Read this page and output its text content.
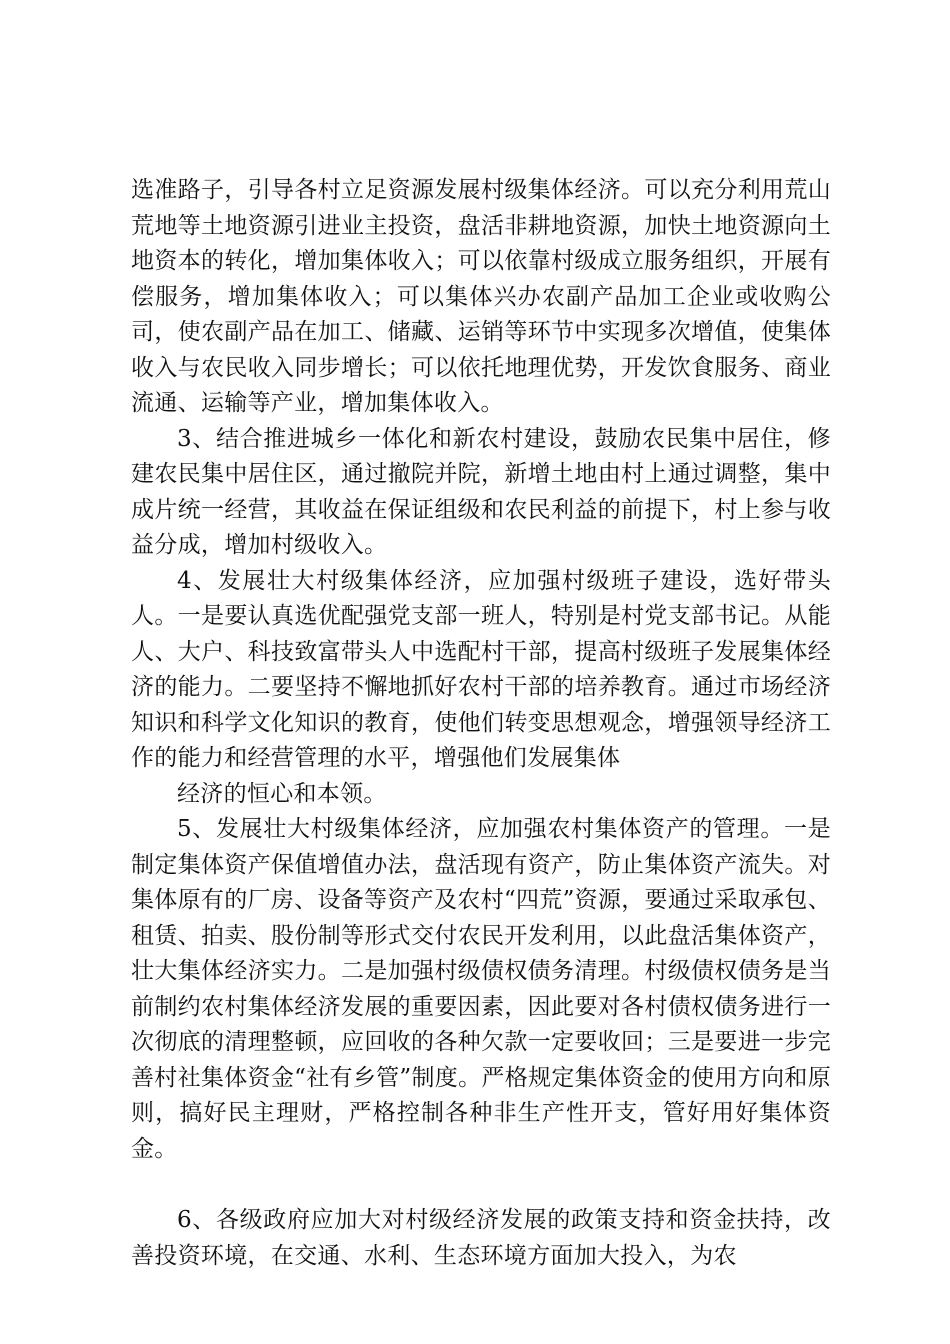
选准路子，引导各村立足资源发展村级集体经济。可以充分利用荒山荒地等土地资源引进业主投资，盘活非耕地资源，加快土地资源向土地资本的转化，增加集体收入；可以依靠村级成立服务组织，开展有偿服务，增加集体收入；可以集体兴办农副产品加工企业或收购公司，使农副产品在加工、储藏、运销等环节中实现多次增值，使集体收入与农民收入同步增长；可以依托地理优势，开发饮食服务、商业流通、运输等产业，增加集体收入。

3、结合推进城乡一体化和新农村建设，鼓励农民集中居住，修建农民集中居住区，通过撤院并院，新增土地由村上通过调整，集中成片统一经营，其收益在保证组级和农民利益的前提下，村上参与收益分成，增加村级收入。

4、发展壮大村级集体经济，应加强村级班子建设，选好带头人。一是要认真选优配强党支部一班人，特别是村党支部书记。从能人、大户、科技致富带头人中选配村干部，提高村级班子发展集体经济的能力。二要坚持不懈地抓好农村干部的培养教育。通过市场经济知识和科学文化知识的教育，使他们转变思想观念，增强领导经济工作的能力和经营管理的水平，增强他们发展集体

经济的恒心和本领。

5、发展壮大村级集体经济，应加强农村集体资产的管理。一是制定集体资产保值增值办法，盘活现有资产，防止集体资产流失。对集体原有的厂房、设备等资产及农村“四荒”资源，要通过采取承包、租赁、拍卖、股份制等形式交付农民开发利用，以此盘活集体资产，壮大集体经济实力。二是加强村级债权债务清理。村级债权债务是当前制约农村集体经济发展的重要因素，因此要对各村债权债务进行一次彻底的清理整顿，应回收的各种欠款一定要收回；三是要进一步完善村社集体资金“社有乡管”制度。严格规定集体资金的使用方向和原则，搞好民主理财，严格控制各种非生产性开支，管好用好集体资金。

6、各级政府应加大对村级经济发展的政策支持和资金扶持，改善投资环境，在交通、水利、生态环境方面加大投入，为农
